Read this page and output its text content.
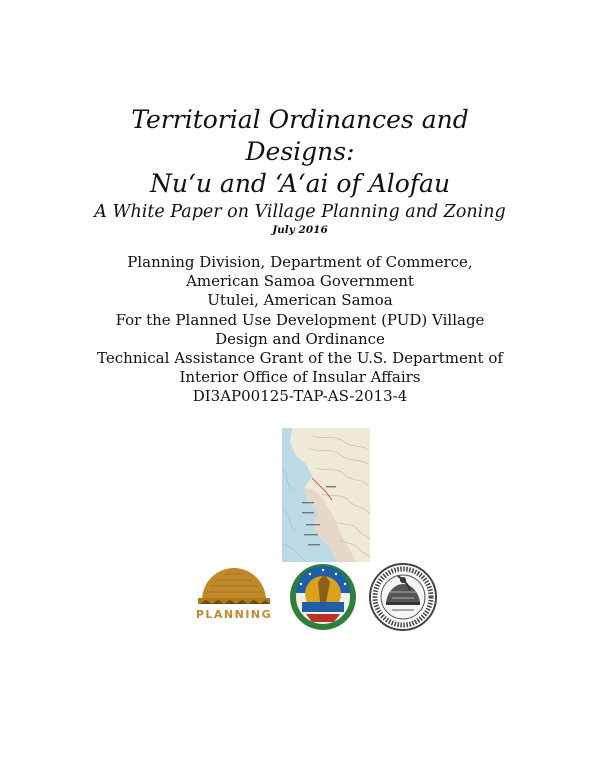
Territorial Ordinances and
Designs:
Nu‘u and ‘A‘ai of Alofau
A White Paper on Village Planning and Zoning
July 2016
Planning Division, Department of Commerce,
American Samoa Government
Utulei, American Samoa
For the Planned Use Development (PUD) Village
Design and Ordinance
Technical Assistance Grant of the U.S. Department of
Interior Office of Insular Affairs
DI3AP00125-TAP-AS-2013-4
PLANNING
